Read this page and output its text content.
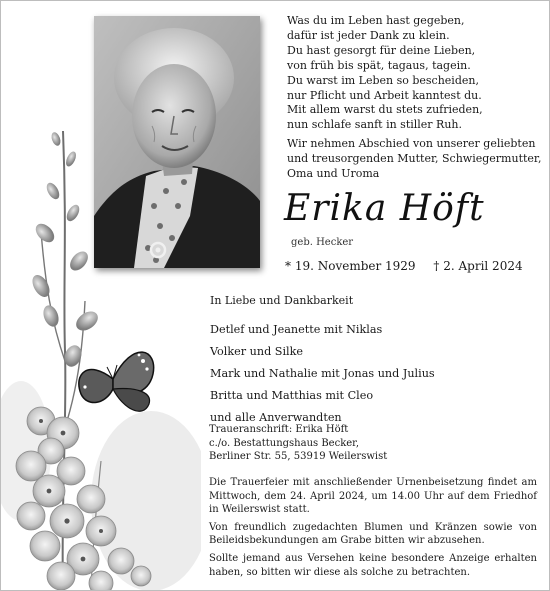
Was du im Leben hast gegeben,
dafür ist jeder Dank zu klein.
Du hast gesorgt für deine Lieben,
von früh bis spät, tagaus, tagein.
Du warst im Leben so bescheiden,
nur Pflicht und Arbeit kanntest du.
Mit allem warst du stets zufrieden,
nun schlafe sanft in stiller Ruh.
Wir nehmen Abschied von unserer geliebten
und treusorgenden Mutter, Schwiegermutter,
Oma und Uroma
Erika Höft
geb. Hecker
* 19. November 1929 † 2. April 2024
In Liebe und Dankbarkeit
Detlef und Jeanette mit Niklas
Volker und Silke
Mark und Nathalie mit Jonas und Julius
Britta und Matthias mit Cleo
und alle Anverwandten
Traueranschrift: Erika Höft
c./o. Bestattungshaus Becker,
Berliner Str. 55, 53919 Weilerswist

Die Trauerfeier mit anschließender Urnenbeisetzung findet am Mittwoch, dem 24. April 2024, um 14.00 Uhr auf dem Friedhof in Weilerswist statt.

Von freundlich zugedachten Blumen und Kränzen sowie von Beileidsbekundungen am Grabe bitten wir abzusehen.

Sollte jemand aus Versehen keine besondere Anzeige erhalten haben, so bitten wir diese als solche zu betrachten.
